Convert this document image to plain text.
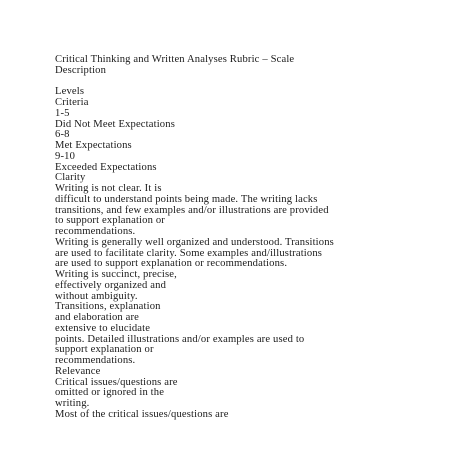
Critical Thinking and Written Analyses Rubric – Scale
Description
Levels
Criteria
1-5
Did Not Meet Expectations
6-8
Met Expectations
9-10
Exceeded Expectations
Clarity
Writing is not clear. It is
difficult to understand points being made. The writing lacks
transitions, and few examples and/or illustrations are provided
to support explanation or
recommendations.
Writing is generally well organized and understood. Transitions
are used to facilitate clarity. Some examples and/illustrations
are used to support explanation or recommendations.
Writing is succinct, precise,
effectively organized and
without ambiguity.
Transitions, explanation
and elaboration are
extensive to elucidate
points. Detailed illustrations and/or examples are used to
support explanation or
recommendations.
Relevance
Critical issues/questions are
omitted or ignored in the
writing.
Most of the critical issues/questions are
